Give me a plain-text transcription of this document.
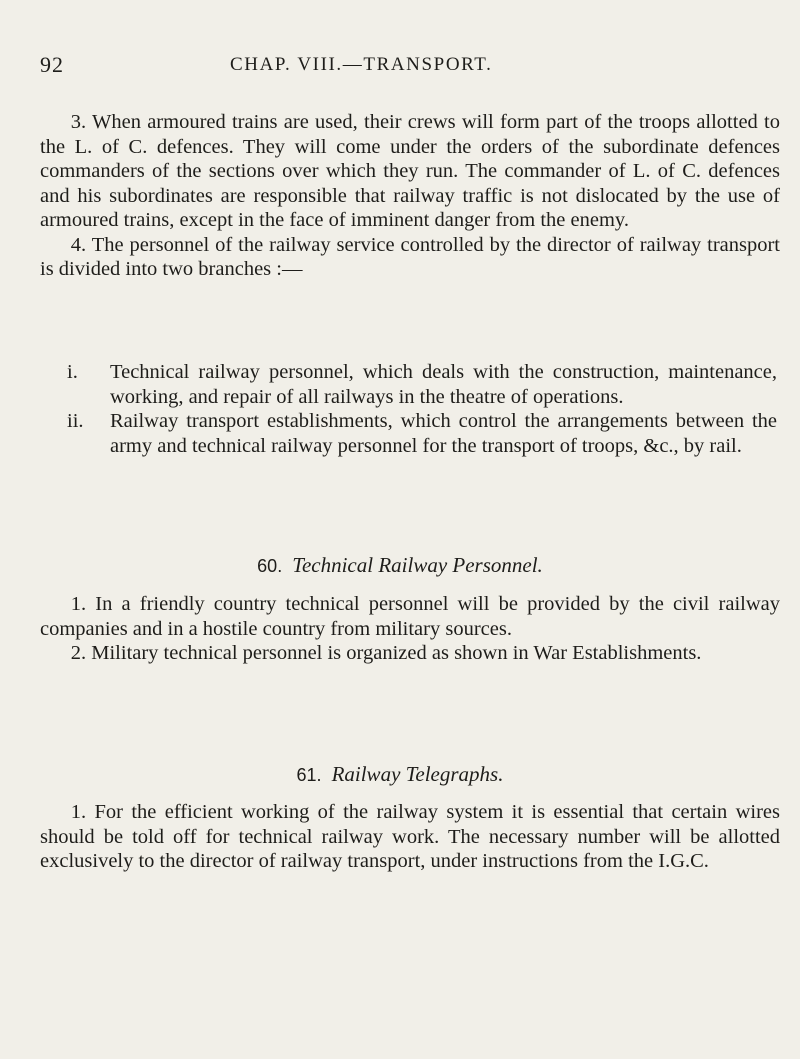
92	CHAP. VIII.—TRANSPORT.

3. When armoured trains are used, their crews will form part of the troops allotted to the L. of C. defences. They will come under the orders of the subordinate defences commanders of the sections over which they run. The commander of L. of C. defences and his subordinates are responsible that railway traffic is not dislocated by the use of armoured trains, except in the face of imminent danger from the enemy.

4. The personnel of the railway service controlled by the director of railway transport is divided into two branches :—

i. Technical railway personnel, which deals with the construction, maintenance, working, and repair of all railways in the theatre of operations.

ii. Railway transport establishments, which control the arrangements between the army and technical railway personnel for the transport of troops, &c., by rail.

60. Technical Railway Personnel.

1. In a friendly country technical personnel will be provided by the civil railway companies and in a hostile country from military sources.

2. Military technical personnel is organized as shown in War Establishments.

61. Railway Telegraphs.

1. For the efficient working of the railway system it is essential that certain wires should be told off for technical railway work. The necessary number will be allotted exclusively to the director of railway transport, under instructions from the I.G.C.
